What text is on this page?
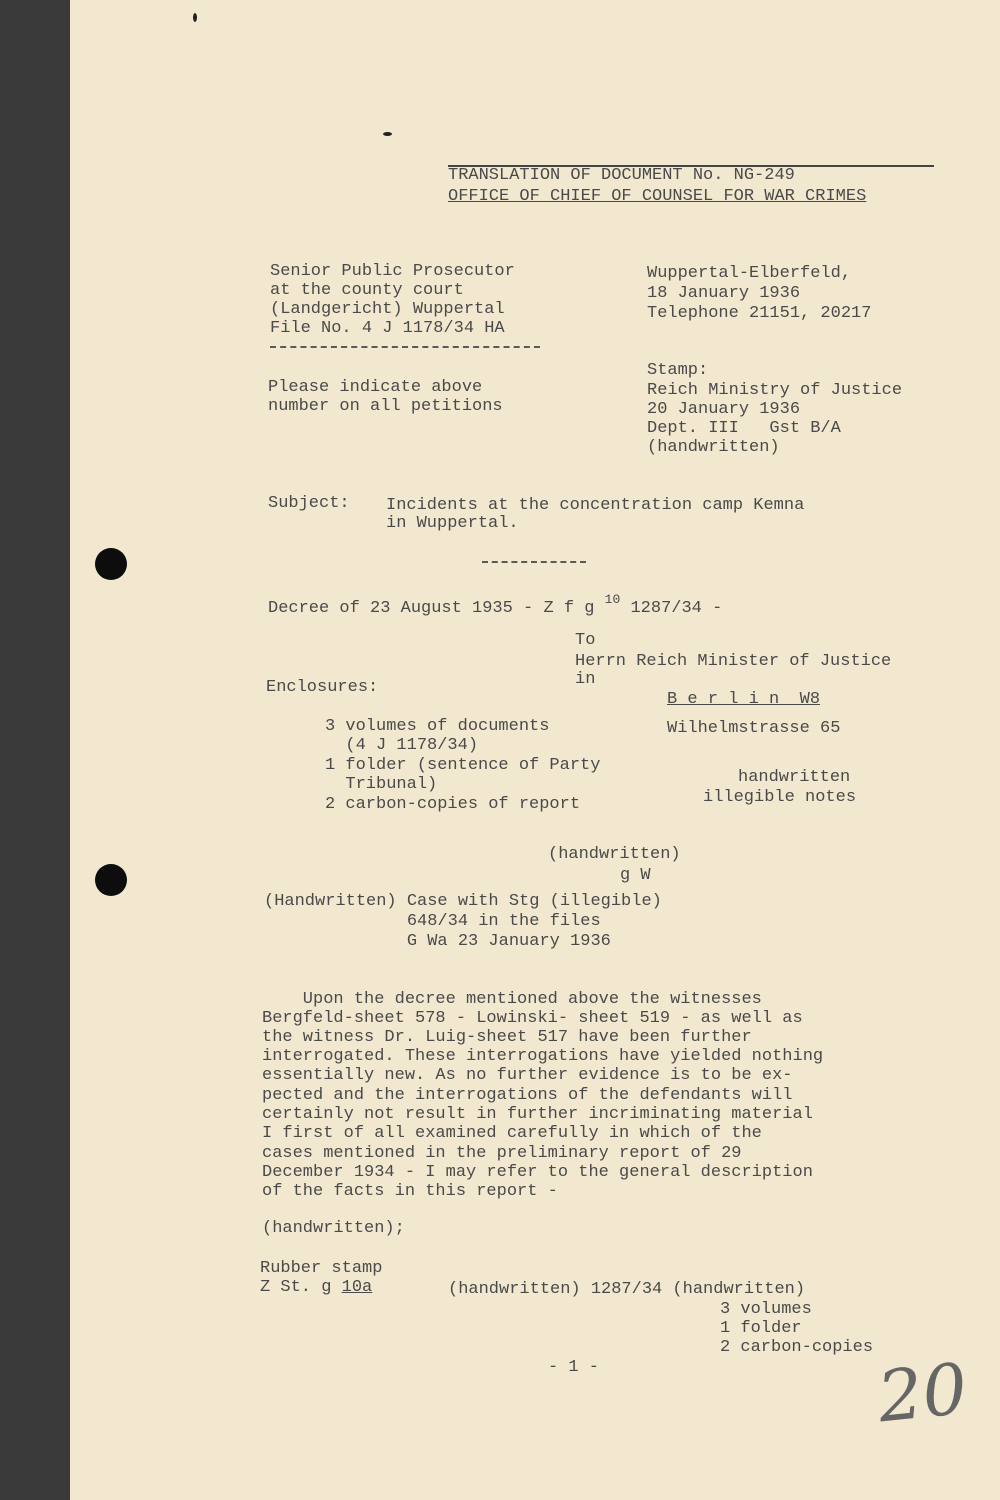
TRANSLATION OF DOCUMENT No. NG-249
OFFICE OF CHIEF OF COUNSEL FOR WAR CRIMES
Senior Public Prosecutor
at the county court
(Landgericht) Wuppertal
File No. 4 J 1178/34 HA
Please indicate above
number on all petitions
Wuppertal-Elberfeld,
18 January 1936
Telephone 21151, 20217
Stamp:
Reich Ministry of Justice
20 January 1936
Dept. III   Gst B/A
(handwritten)
Subject: Incidents at the concentration camp Kemna
in Wuppertal.
Decree of 23 August 1935 - Z f g $^{10}$ 1287/34 -
To
Herrn Reich Minister of Justice
in
B e r l i n  W8
Wilhelmstrasse 65
Enclosures:
3 volumes of documents
(4 J 1178/34)
1 folder (sentence of Party
Tribunal)
2 carbon-copies of report
handwritten
illegible notes
(handwritten)
g W
(Handwritten) Case with Stg (illegible)
648/34 in the files
G Wa 23 January 1936
Upon the decree mentioned above the witnesses
Bergfeld-sheet 578 - Lowinski- sheet 519 - as well as
the witness Dr. Luig-sheet 517 have been further
interrogated. These interrogations have yielded nothing
essentially new. As no further evidence is to be ex-
pected and the interrogations of the defendants will
certainly not result in further incriminating material
I first of all examined carefully in which of the
cases mentioned in the preliminary report of 29
December 1934 - I may refer to the general description
of the facts in this report -
(handwritten);
Rubber stamp
Z St. g 10a	(handwritten) 1287/34 (handwritten)
3 volumes
1 folder
2 carbon-copies
- 1 -	20
